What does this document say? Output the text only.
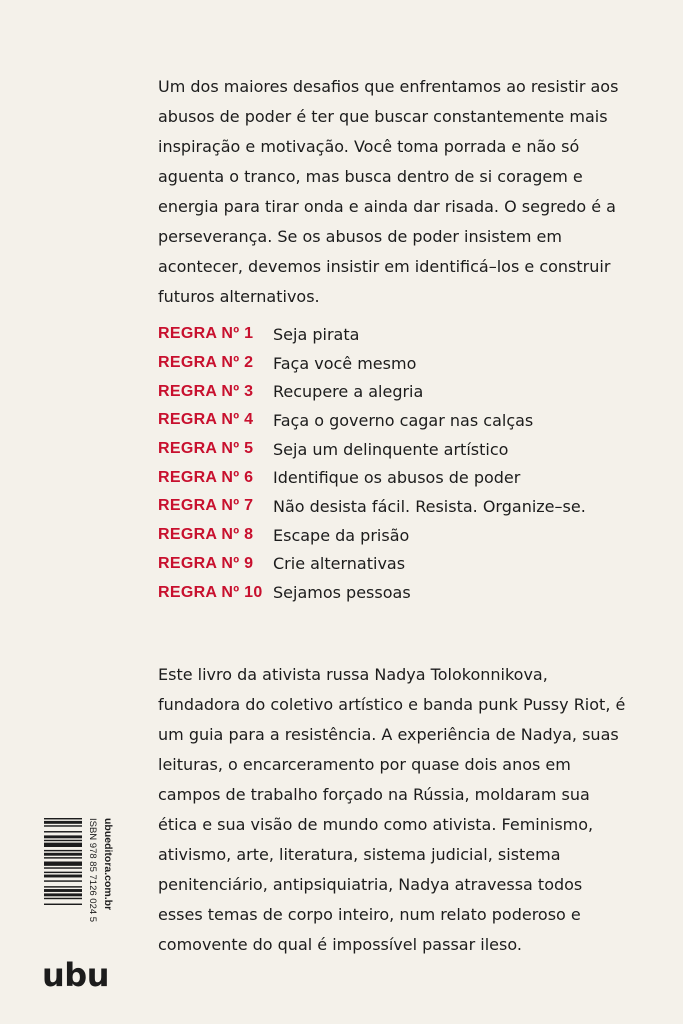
Um dos maiores desafios que enfrentamos ao resistir aos abusos de poder é ter que buscar constantemente mais inspiração e motivação. Você toma porrada e não só aguenta o tranco, mas busca dentro de si coragem e energia para tirar onda e ainda dar risada. O segredo é a perseverança. Se os abusos de poder insistem em acontecer, devemos insistir em identificá–los e construir futuros alternativos.

REGRA Nº 1	Seja pirata
REGRA Nº 2	Faça você mesmo
REGRA Nº 3	Recupere a alegria
REGRA Nº 4	Faça o governo cagar nas calças
REGRA Nº 5	Seja um delinquente artístico
REGRA Nº 6	Identifique os abusos de poder
REGRA Nº 7	Não desista fácil. Resista. Organize–se.
REGRA Nº 8	Escape da prisão
REGRA Nº 9	Crie alternativas
REGRA Nº 10 Sejamos pessoas

Este livro da ativista russa Nadya Tolokonnikova, fundadora do coletivo artístico e banda punk Pussy Riot, é um guia para a resistência. A experiência de Nadya, suas leituras, o encarceramento por quase dois anos em campos de trabalho forçado na Rússia, moldaram sua ética e sua visão de mundo como ativista. Feminismo, ativismo, arte, literatura, sistema judicial, sistema penitenciário, antipsiquiatria, Nadya atravessa todos esses temas de corpo inteiro, num relato poderoso e comovente do qual é impossível passar ileso.

ISBN 978 85 7126 024 5 ubueditora.com.br
ubu
